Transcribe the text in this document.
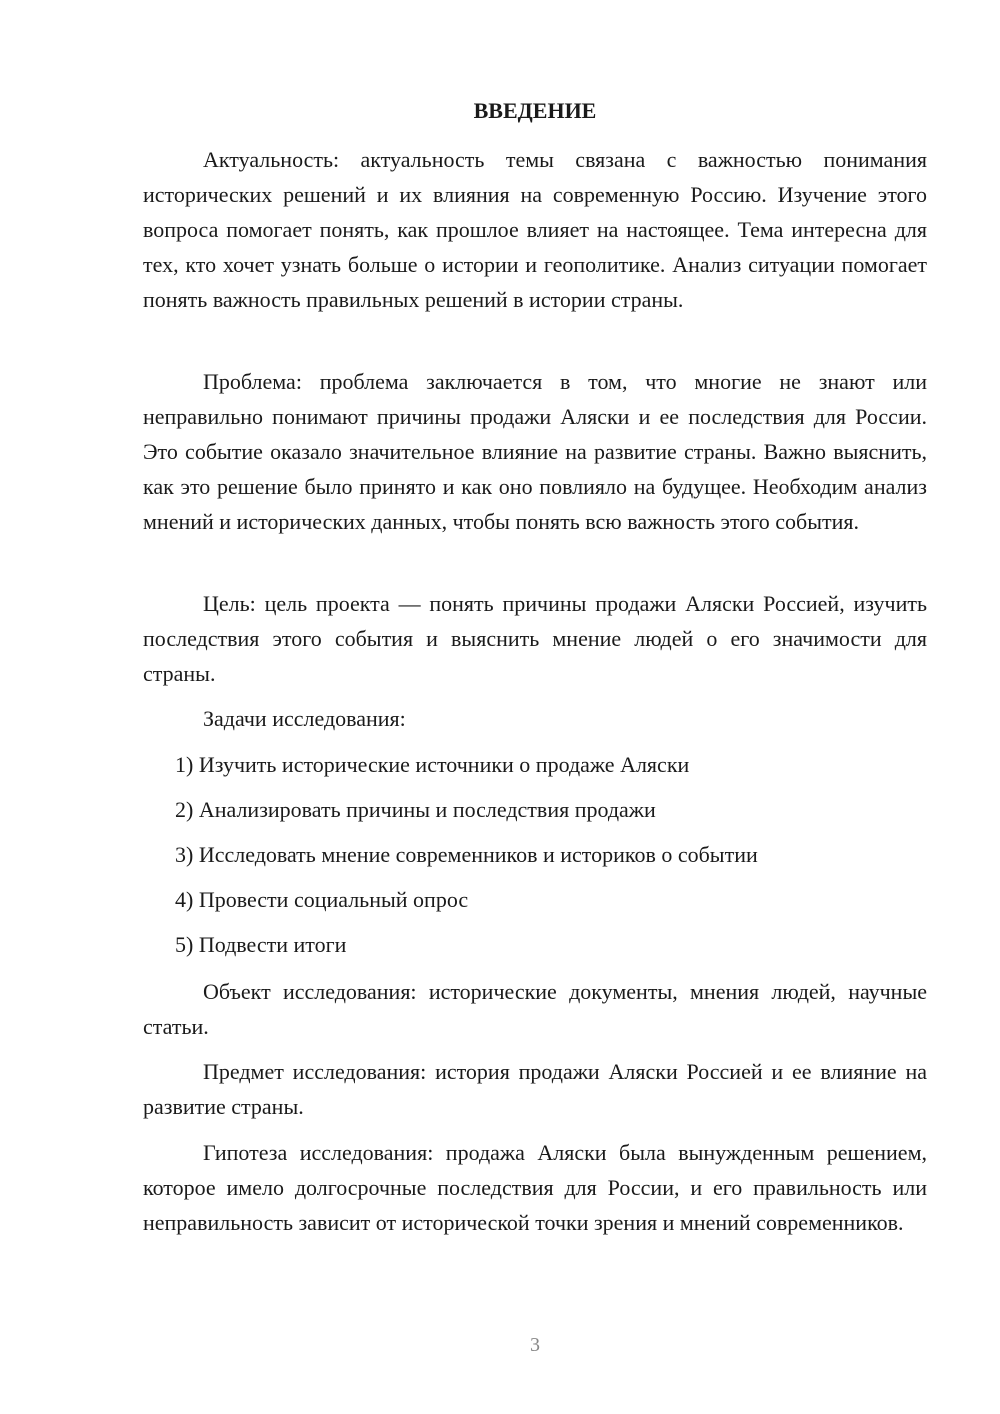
ВВЕДЕНИЕ

Актуальность: актуальность темы связана с важностью понимания исторических решений и их влияния на современную Россию. Изучение этого вопроса помогает понять, как прошлое влияет на настоящее. Тема интересна для тех, кто хочет узнать больше о истории и геополитике. Анализ ситуации помогает понять важность правильных решений в истории страны.

Проблема: проблема заключается в том, что многие не знают или неправильно понимают причины продажи Аляски и ее последствия для России. Это событие оказало значительное влияние на развитие страны. Важно выяснить, как это решение было принято и как оно повлияло на будущее. Необходим анализ мнений и исторических данных, чтобы понять всю важность этого события.

Цель: цель проекта — понять причины продажи Аляски Россией, изучить последствия этого события и выяснить мнение людей о его значимости для страны.

Задачи исследования:

1) Изучить исторические источники о продаже Аляски

2) Анализировать причины и последствия продажи

3) Исследовать мнение современников и историков о событии

4) Провести социальный опрос

5) Подвести итоги

Объект исследования: исторические документы, мнения людей, научные статьи.

Предмет исследования: история продажи Аляски Россией и ее влияние на развитие страны.

Гипотеза исследования: продажа Аляски была вынужденным решением, которое имело долгосрочные последствия для России, и его правильность или неправильность зависит от исторической точки зрения и мнений современников.

3
